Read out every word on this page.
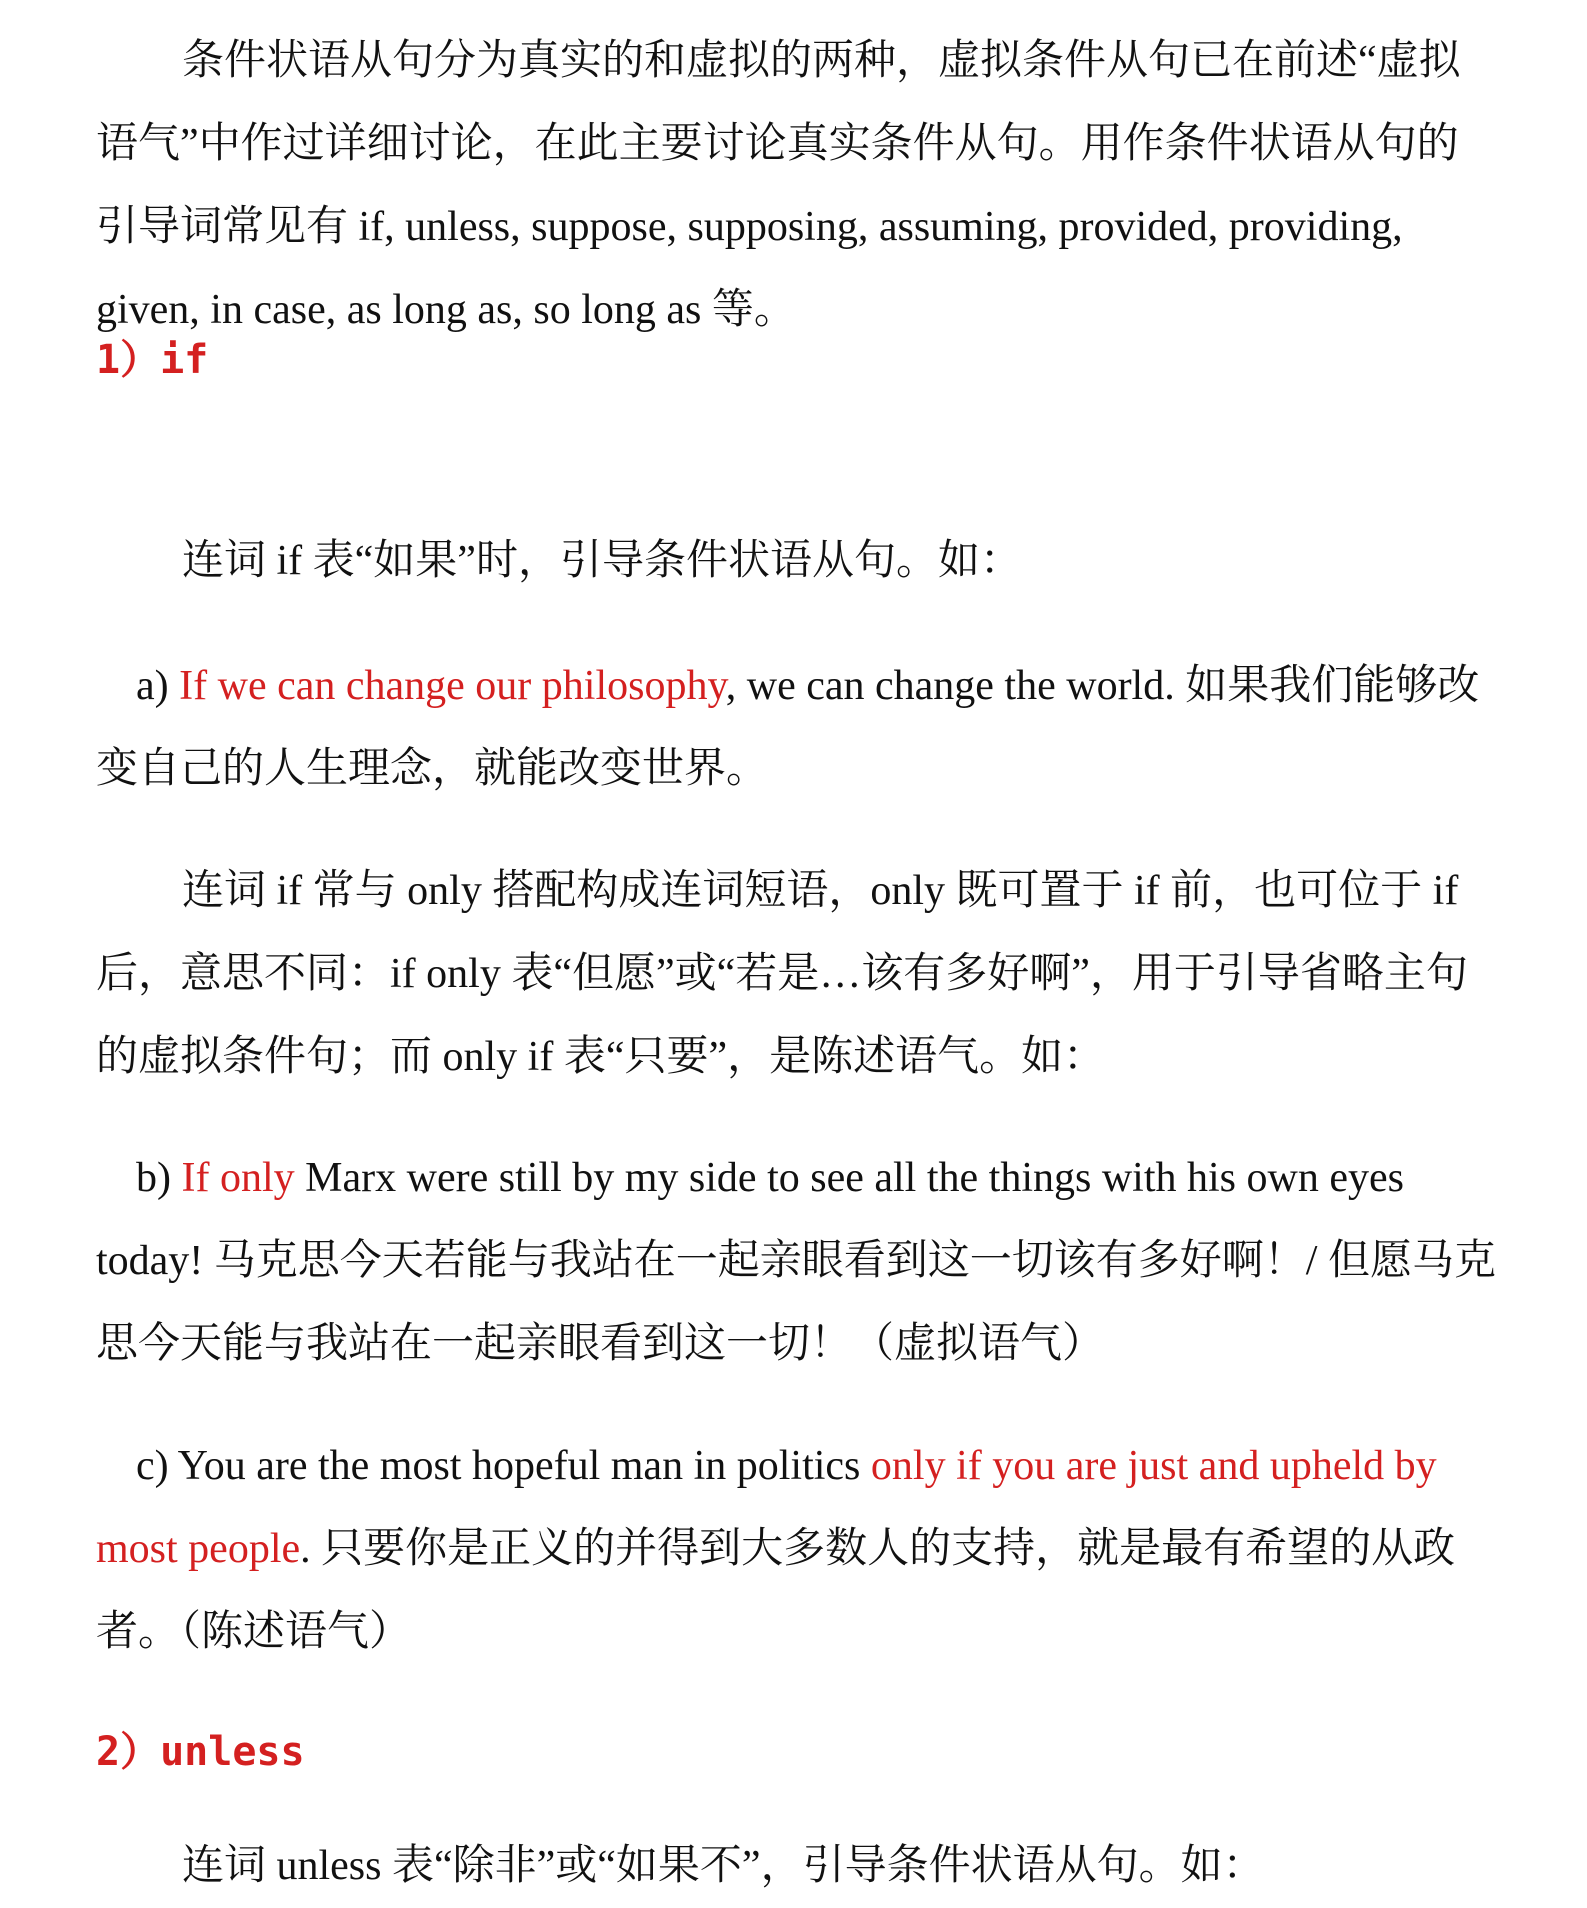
条件状语从句分为真实的和虚拟的两种，虚拟条件从句已在前述“虚拟语气”中作过详细讨论，在此主要讨论真实条件从句。用作条件状语从句的引导词常见有 if, unless, suppose, supposing, assuming, provided, providing, given, in case, as long as, so long as 等。

1）if

连词 if 表“如果”时，引导条件状语从句。如：

a) If we can change our philosophy, we can change the world. 如果我们能够改变自己的人生理念，就能改变世界。

连词 if 常与 only 搭配构成连词短语，only 既可置于 if 前，也可位于 if 后，意思不同：if only 表“但愿”或“若是…该有多好啊”，用于引导省略主句的虚拟条件句；而 only if 表“只要”，是陈述语气。如：

b) If only Marx were still by my side to see all the things with his own eyes today! 马克思今天若能与我站在一起亲眼看到这一切该有多好啊！/ 但愿马克思今天能与我站在一起亲眼看到这一切！（虚拟语气）

c) You are the most hopeful man in politics only if you are just and upheld by most people. 只要你是正义的并得到大多数人的支持，就是最有希望的从政者。（陈述语气）

2）unless

连词 unless 表“除非”或“如果不”，引导条件状语从句。如：
